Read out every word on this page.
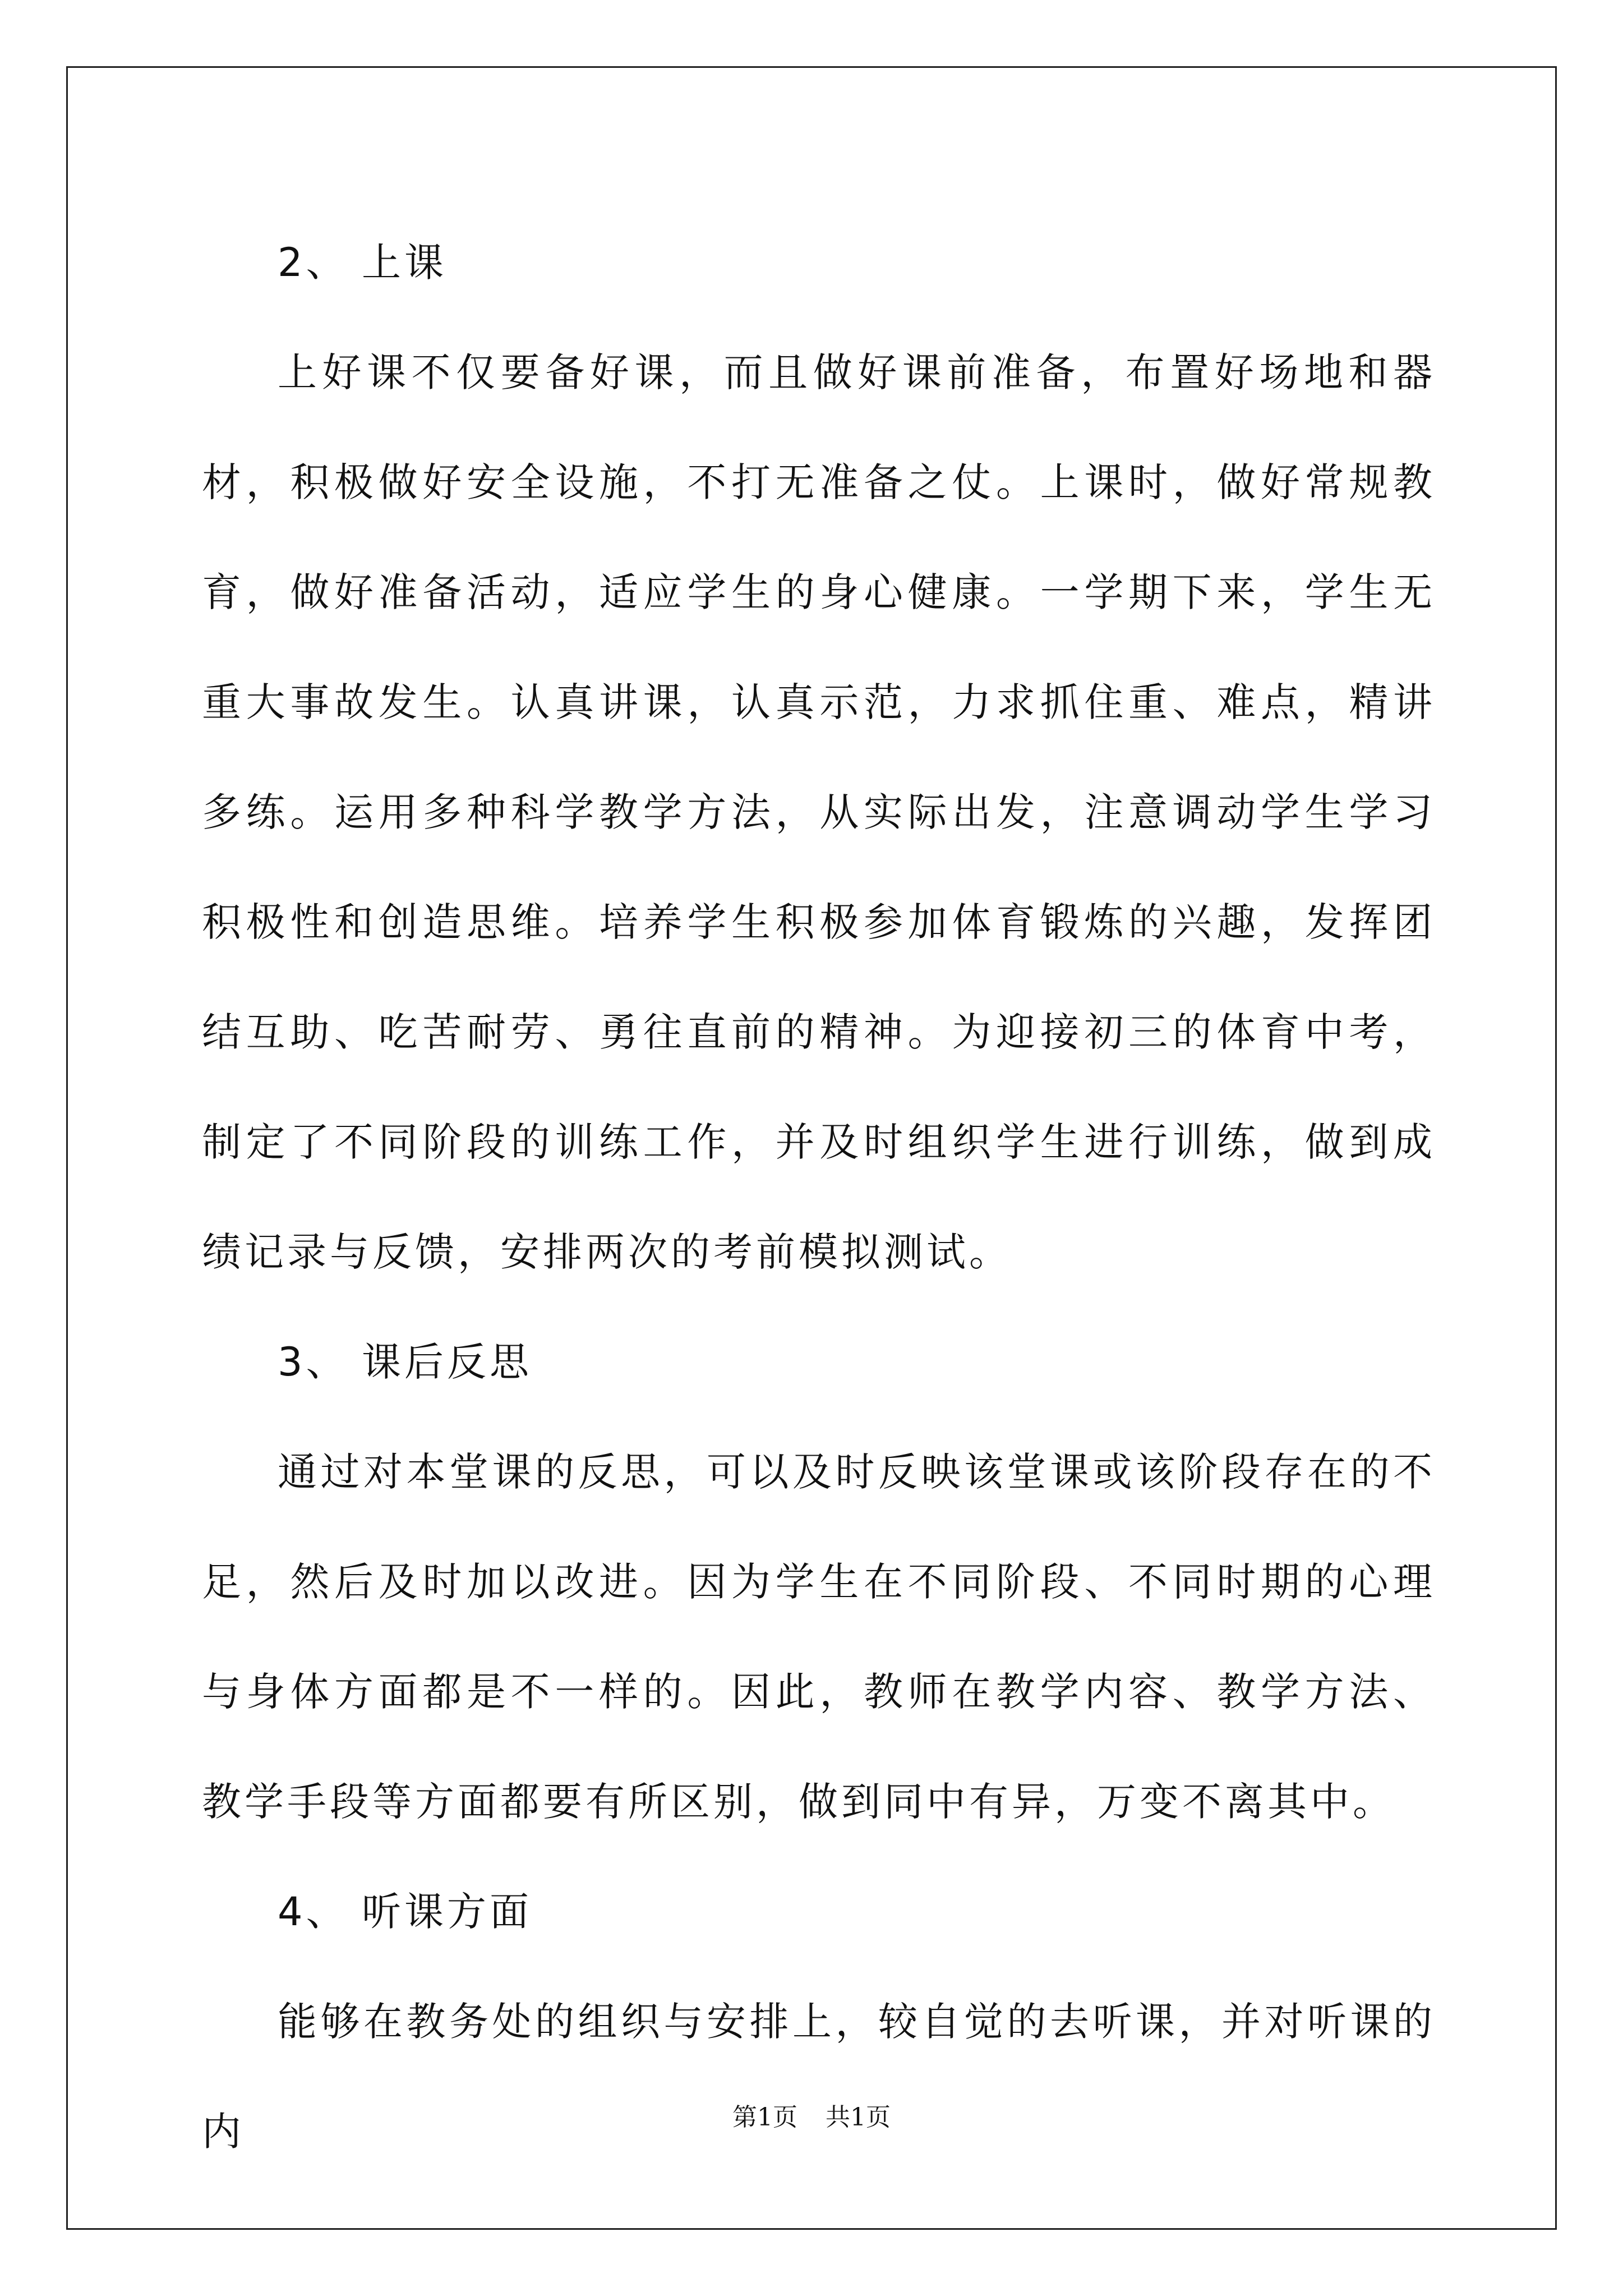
2、 上课

上好课不仅要备好课，而且做好课前准备，布置好场地和器材，积极做好安全设施，不打无准备之仗。上课时，做好常规教育，做好准备活动，适应学生的身心健康。一学期下来，学生无重大事故发生。认真讲课，认真示范，力求抓住重、难点，精讲多练。运用多种科学教学方法，从实际出发，注意调动学生学习积极性和创造思维。培养学生积极参加体育锻炼的兴趣，发挥团结互助、吃苦耐劳、勇往直前的精神。为迎接初三的体育中考，制定了不同阶段的训练工作，并及时组织学生进行训练，做到成绩记录与反馈，安排两次的考前模拟测试。

3、 课后反思

通过对本堂课的反思，可以及时反映该堂课或该阶段存在的不足，然后及时加以改进。因为学生在不同阶段、不同时期的心理与身体方面都是不一样的。因此，教师在教学内容、教学方法、教学手段等方面都要有所区别，做到同中有异，万变不离其中。

4、 听课方面

能够在教务处的组织与安排上，较自觉的去听课，并对听课的内	第1页 共1页
